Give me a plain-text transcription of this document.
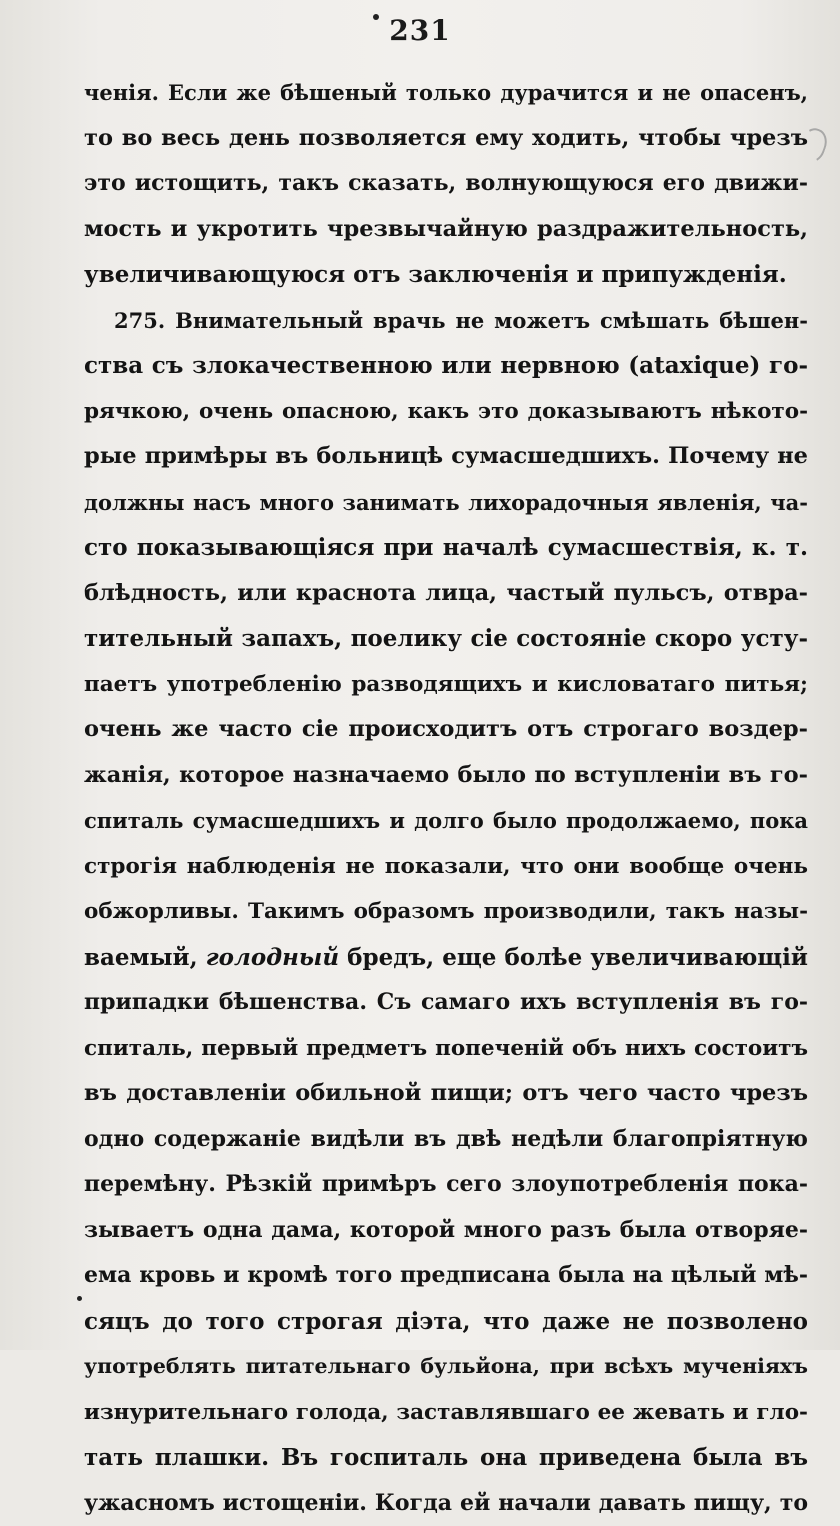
231
ченія. Если же бѣшеный только дурачится и не опасенъ,
то во весь день позволяется ему ходить, чтобы чрезъ
это истощить, такъ сказать, волнующуюся его движи-
мость и укротить чрезвычайную раздражительность,
увеличивающуюся отъ заключенія и припужденія.
275. Внимательный врачь не можетъ смѣшать бѣшен-
ства съ злокачественною или нервною (ataxique) го-
рячкою, очень опасною, какъ это доказываютъ нѣкото-
рые примѣры въ больницѣ сумасшедшихъ. Почему не
должны насъ много занимать лихорадочныя явленія, ча-
сто показывающіяся при началѣ сумасшествія, к. т.
блѣдность, или краснота лица, частый пульсъ, отвра-
тительный запахъ, поелику сіе состояніе скоро усту-
паетъ употребленію разводящихъ и кисловатаго питья;
очень же часто сіе происходитъ отъ строгаго воздер-
жанія, которое назначаемо было по вступленіи въ го-
спиталь сумасшедшихъ и долго было продолжаемо, пока
строгія наблюденія не показали, что они вообще очень
обжорливы. Такимъ образомъ производили, такъ назы-
ваемый, голодный бредъ, еще болѣе увеличивающій
припадки бѣшенства. Съ самаго ихъ вступленія въ го-
спиталь, первый предметъ попеченій объ нихъ состоитъ
въ доставленіи обильной пищи; отъ чего часто чрезъ
одно содержаніе видѣли въ двѣ недѣли благопріятную
перемѣну. Рѣзкій примѣръ сего злоупотребленія пока-
зываетъ одна дама, которой много разъ была отворяе-
ема кровь и кромѣ того предписана была на цѣлый мѣ-
сяцъ до того строгая діэта, что даже не позволено
употреблять питательнаго бульйона, при всѣхъ мученіяхъ
изнурительнаго голода, заставлявшаго ее жевать и гло-
тать плашки. Въ госпиталь она приведена была въ
ужасномъ истощеніи. Когда ей начали давать пищу, то
